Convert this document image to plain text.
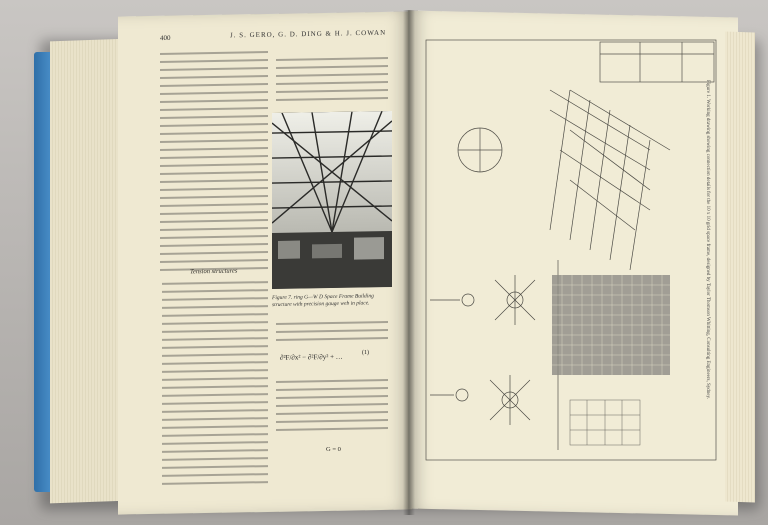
400	J. S. GERO, G. D. DING & H. J. COWAN
Tension structures
Figure 7. ring G—W D Space Frame Building structure with precision gauge web in place.
∂²F/∂x² − ∂²F/∂y² + …	(1)
G = 0
Figure 1. Working drawing showing connection details for the 10 x 10 grid space frame, designed by Taylor Thomson Whitting, Consulting Engineers, Sydney.
